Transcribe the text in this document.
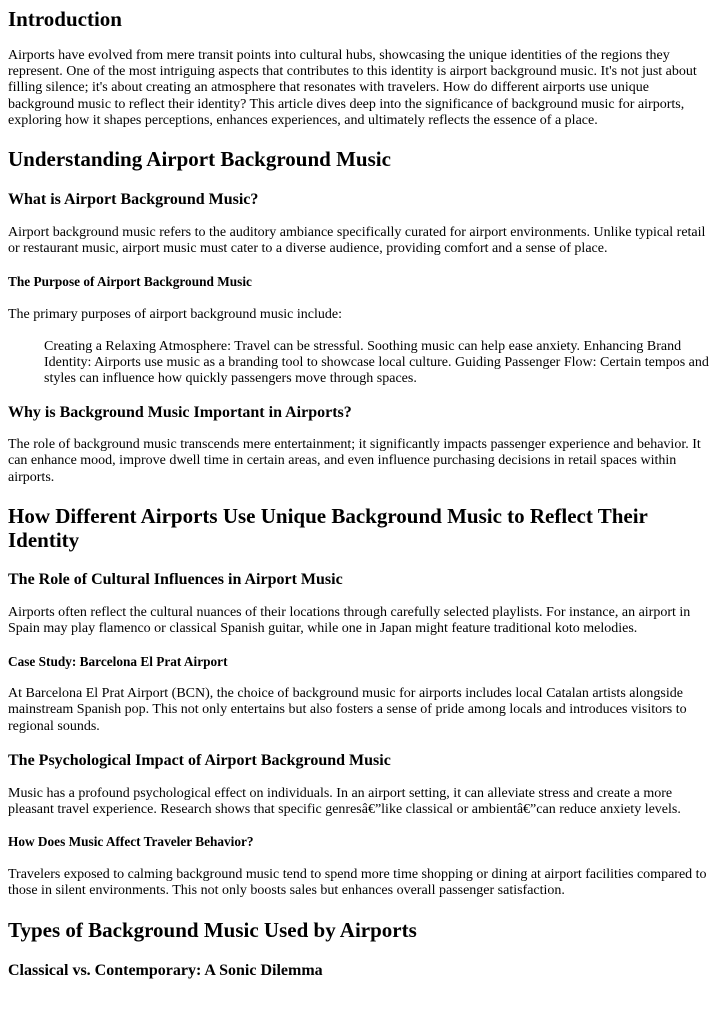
Introduction

Airports have evolved from mere transit points into cultural hubs, showcasing the unique identities of the regions they represent. One of the most intriguing aspects that contributes to this identity is airport background music. It's not just about filling silence; it's about creating an atmosphere that resonates with travelers. How do different airports use unique background music to reflect their identity? This article dives deep into the significance of background music for airports, exploring how it shapes perceptions, enhances experiences, and ultimately reflects the essence of a place.

Understanding Airport Background Music
What is Airport Background Music?

Airport background music refers to the auditory ambiance specifically curated for airport environments. Unlike typical retail or restaurant music, airport music must cater to a diverse audience, providing comfort and a sense of place.

The Purpose of Airport Background Music

The primary purposes of airport background music include:

Creating a Relaxing Atmosphere: Travel can be stressful. Soothing music can help ease anxiety. Enhancing Brand Identity: Airports use music as a branding tool to showcase local culture. Guiding Passenger Flow: Certain tempos and styles can influence how quickly passengers move through spaces.
Why is Background Music Important in Airports?

The role of background music transcends mere entertainment; it significantly impacts passenger experience and behavior. It can enhance mood, improve dwell time in certain areas, and even influence purchasing decisions in retail spaces within airports.

How Different Airports Use Unique Background Music to Reflect Their Identity
The Role of Cultural Influences in Airport Music

Airports often reflect the cultural nuances of their locations through carefully selected playlists. For instance, an airport in Spain may play flamenco or classical Spanish guitar, while one in Japan might feature traditional koto melodies.

Case Study: Barcelona El Prat Airport

At Barcelona El Prat Airport (BCN), the choice of background music for airports includes local Catalan artists alongside mainstream Spanish pop. This not only entertains but also fosters a sense of pride among locals and introduces visitors to regional sounds.

The Psychological Impact of Airport Background Music

Music has a profound psychological effect on individuals. In an airport setting, it can alleviate stress and create a more pleasant travel experience. Research shows that specific genresâ€”like classical or ambientâ€”can reduce anxiety levels.

How Does Music Affect Traveler Behavior?

Travelers exposed to calming background music tend to spend more time shopping or dining at airport facilities compared to those in silent environments. This not only boosts sales but enhances overall passenger satisfaction.

Types of Background Music Used by Airports
Classical vs. Contemporary: A Sonic Dilemma
